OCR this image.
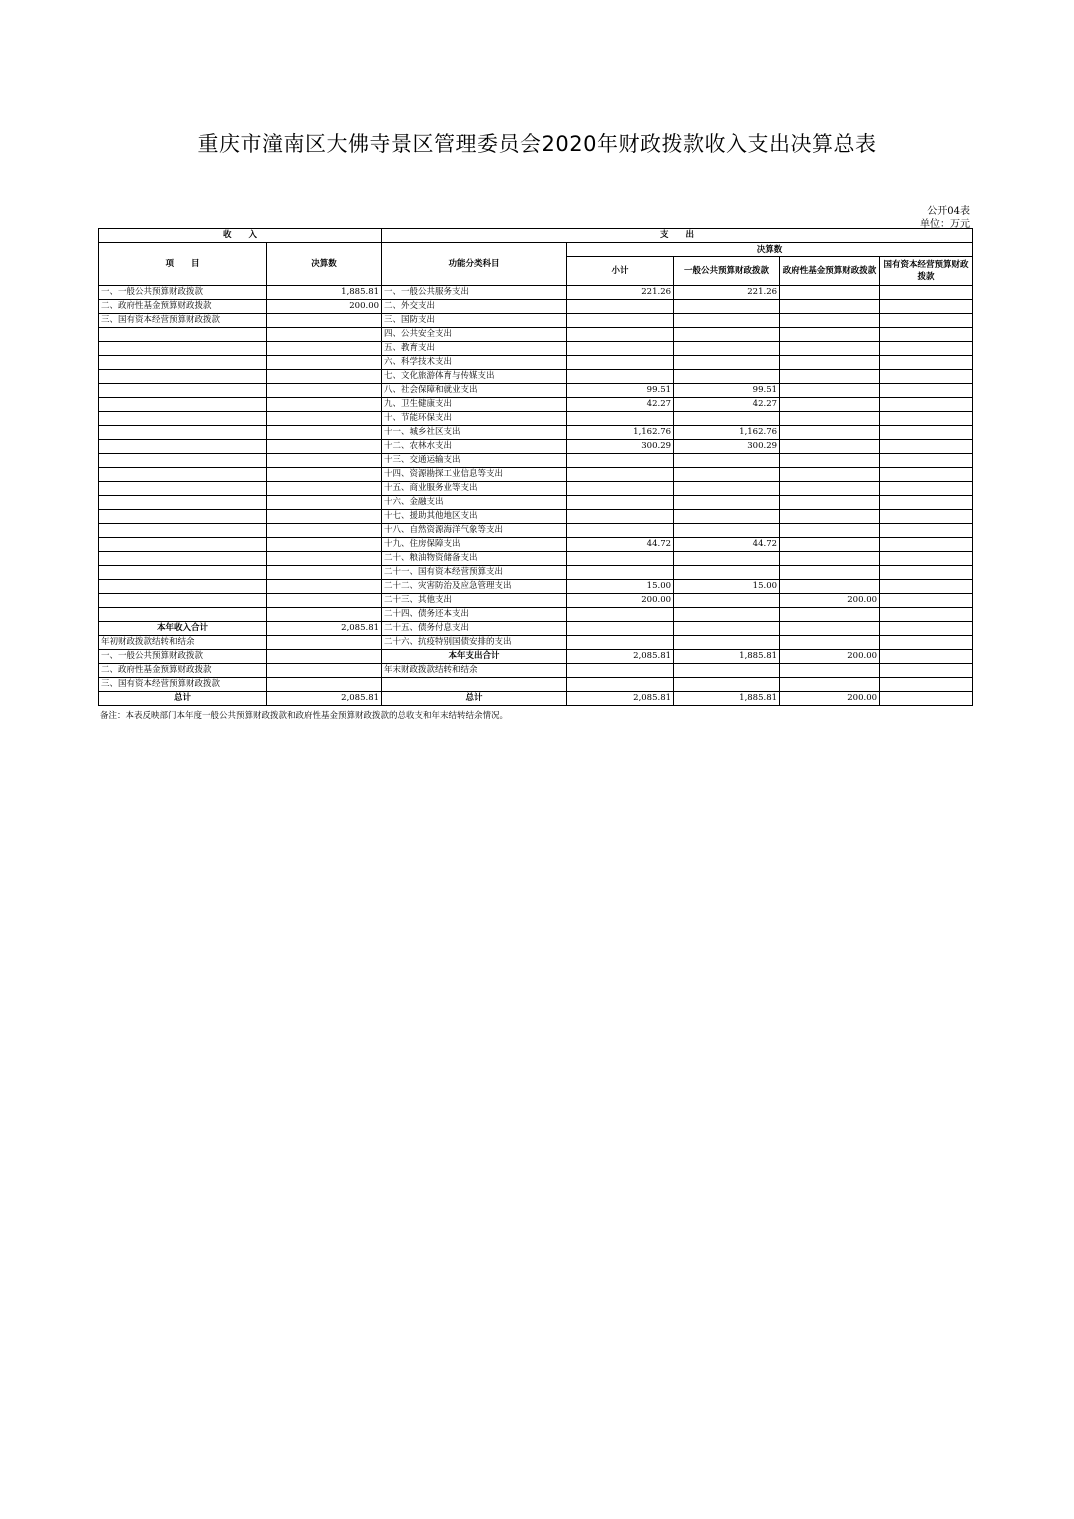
重庆市潼南区大佛寺景区管理委员会2020年财政拨款收入支出决算总表
公开04表
单位：万元
收　　入		支　　出				
项　　目	决算数	功能分类科目	决算数			
			小计	一般公共预算财政拨款	政府性基金预算财政拨款	国有资本经营预算财政拨款
一、一般公共预算财政拨款	1,885.81	一、一般公共服务支出	221.26	221.26		
二、政府性基金预算财政拨款	200.00	二、外交支出				
三、国有资本经营预算财政拨款		三、国防支出				
		四、公共安全支出				
		五、教育支出				
		六、科学技术支出				
		七、文化旅游体育与传媒支出				
		八、社会保障和就业支出	99.51	99.51		
		九、卫生健康支出	42.27	42.27		
		十、节能环保支出				
		十一、城乡社区支出	1,162.76	1,162.76		
		十二、农林水支出	300.29	300.29		
		十三、交通运输支出				
		十四、资源勘探工业信息等支出				
		十五、商业服务业等支出				
		十六、金融支出				
		十七、援助其他地区支出				
		十八、自然资源海洋气象等支出				
		十九、住房保障支出	44.72	44.72		
		二十、粮油物资储备支出				
		二十一、国有资本经营预算支出				
		二十二、灾害防治及应急管理支出	15.00	15.00		
		二十三、其他支出	200.00		200.00	
		二十四、债务还本支出				
本年收入合计	2,085.81	二十五、债务付息支出				
年初财政拨款结转和结余		二十六、抗疫特别国债安排的支出				
一、一般公共预算财政拨款		本年支出合计	2,085.81	1,885.81	200.00	
二、政府性基金预算财政拨款		年末财政拨款结转和结余				
三、国有资本经营预算财政拨款						
总计	2,085.81	总计	2,085.81	1,885.81	200.00	
备注：本表反映部门本年度一般公共预算财政拨款和政府性基金预算财政拨款的总收支和年末结转结余情况。
